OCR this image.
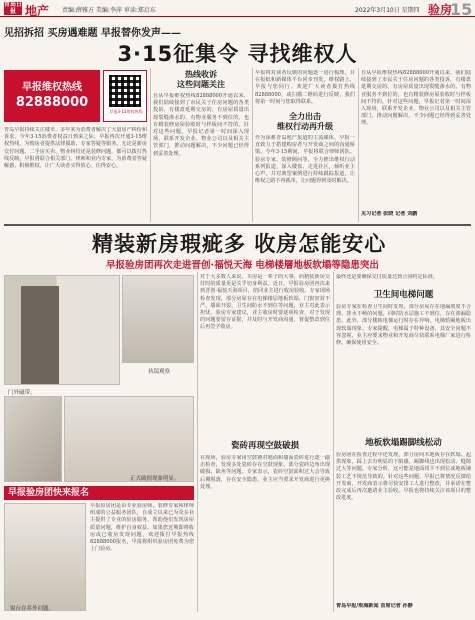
青岛日报 地产 责编:薛雅方 美编:李萍 审读:郑启东	2022年3月10日 星期四 验房
15
见招拆招 买房遇难题 早报替你发声——
3·15征集令 寻找维权人
早报维权热线
82888000
早报3·15维权热线
青岛早报持续关注楼市，多年来为消费者解决了大量房产纠纷和诉求。今年3·15消费者权益日到来之际，早报再次开通3·15维权热线，为购房者提供法律援助、专家答疑等服务。无论是新房交付问题、二手房买卖、物业纠纷还是装修问题，都可以拨打热线反映。早报将联合相关部门、律师和业内专家，为消费者答疑解惑、积极维权，让广大读者买得放心、住得安心。
热线收诉
这些问题关注
自从早报维权热线82888000开通以来，我们陆续接到了市民关于住房问题的各类投诉，有楼盘延期交房的、有房屋质量出现裂缝渗水的、有物业服务不到位的，也有精装修房屋验收时与样板间不符的。针对这些问题，早报记者第一时间深入现场，联系开发企业、物业公司以及相关主管部门，推动问题解决，不少问题已经得到妥善处理。
早报将对读者反映的问题逐一进行梳理，并在报纸和新媒体平台同步刊发。维权路上，早报与您同行。欢迎广大读者拨打热线82888000，或扫描二维码进行反映，我们将第一时间与您取得联系。
全力出击
维权行动再升级
作为深耕青岛地产报道的主流媒体，早报一直致力于搭建购房者与开发商之间的沟通桥梁。今年3·15期间，早报将联合律师团队、验房专家、装修顾问等，全力推出维权行动系列报道，深入楼盘、走进社区，倾听业主心声，并对典型案例进行持续跟踪报道，让维权之路不再孤单，让问题得到及时解决。
自从早报维权热线82888000开通以来，我们陆续接到了市民关于住房问题的各类投诉，有楼盘延期交房的、有房屋质量出现裂缝渗水的、有物业服务不到位的，也有精装修房屋验收时与样板间不符的。针对这些问题，早报记者第一时间深入现场，联系开发企业、物业公司以及相关主管部门，推动问题解决，不少问题已经得到妥善处理。
见习记者 张晓 记者 刘鹏
精装新房瑕疵多 收房怎能安心
早报验房团再次走进晋创·福悦天海 电梯楼層地板软塌等隐患突出
门外磁带。
执镜观察
正式破损现象明显。
早报验房团快来报名
早报验房团是由专业验房师、装修专家和律师组成的公益服务团队，自成立以来已为众多业主提供了专业的验房服务，帮助他们发现房屋质量问题，维护自身权益。如果您近期即将收房或已收房发现问题，欢迎拨打早报热线82888000报名，早报将组织验房团免费为您上门验房。
窗台存养外问题。
对于大多数人来说，买房是一辈子的大事，而精装新房交付时的质量更是关乎切身利益。近日，早报验房团再次来到晋创·福悦天海项目，陪同业主进行收房验收。专家现场检查发现，部分房屋存在电梯楼层地板软塌、门窗密封不严、墙面开裂、卫生间防水不到位等问题，业主对此表示担忧。验房专家建议，业主收房时要逐项检查，对于发现的问题要留存证据，并及时与开发商沟通，督促整改到位后再签字收房。
瓷砖再现空鼓破损
在现场，验房专家用空鼓锤对地面和墙面瓷砖进行逐一敲击检查，发现多处瓷砖存在空鼓现象，部分瓷砖边角出现破损、缺角等问题。专家表示，瓷砖空鼓面积过大会导致后期脱落，存在安全隐患，业主应当要求开发商进行更换处理。
最终还是要确保交付质量达到合同约定标准。
卫生间电梯问题
验房专家在检查卫生间时发现，部分房屋存在地漏坡度不合理、排水不畅的问题，同时防水层施工不到位，存在渗漏隐患。此外，部分楼栋电梯运行时存在异响，电梯轿厢地板出现软塌现象。专家提醒，电梯属于特种设备，其安全问题不容忽视，业主应要求物业和开发商尽快联系电梯厂家进行检修，确保使用安全。
地板软塌踢脚线松动
验房团在检查过程中还发现，部分房间木地板存在软塌、起拱现象，踩上去有明显的下陷感，踢脚线也出现松动、缝隙过大等问题。专家分析，这可能是地面找平不到位或地板铺装工艺不规范导致的。针对这些问题，早报已将情况反馈给开发商，开发商表示将尽快安排工人进行整改，并承诺在整改完成后再次邀请业主验收。早报也将持续关注该项目的整改进度。
青岛早报/观海新闻 首席记者 孙静
